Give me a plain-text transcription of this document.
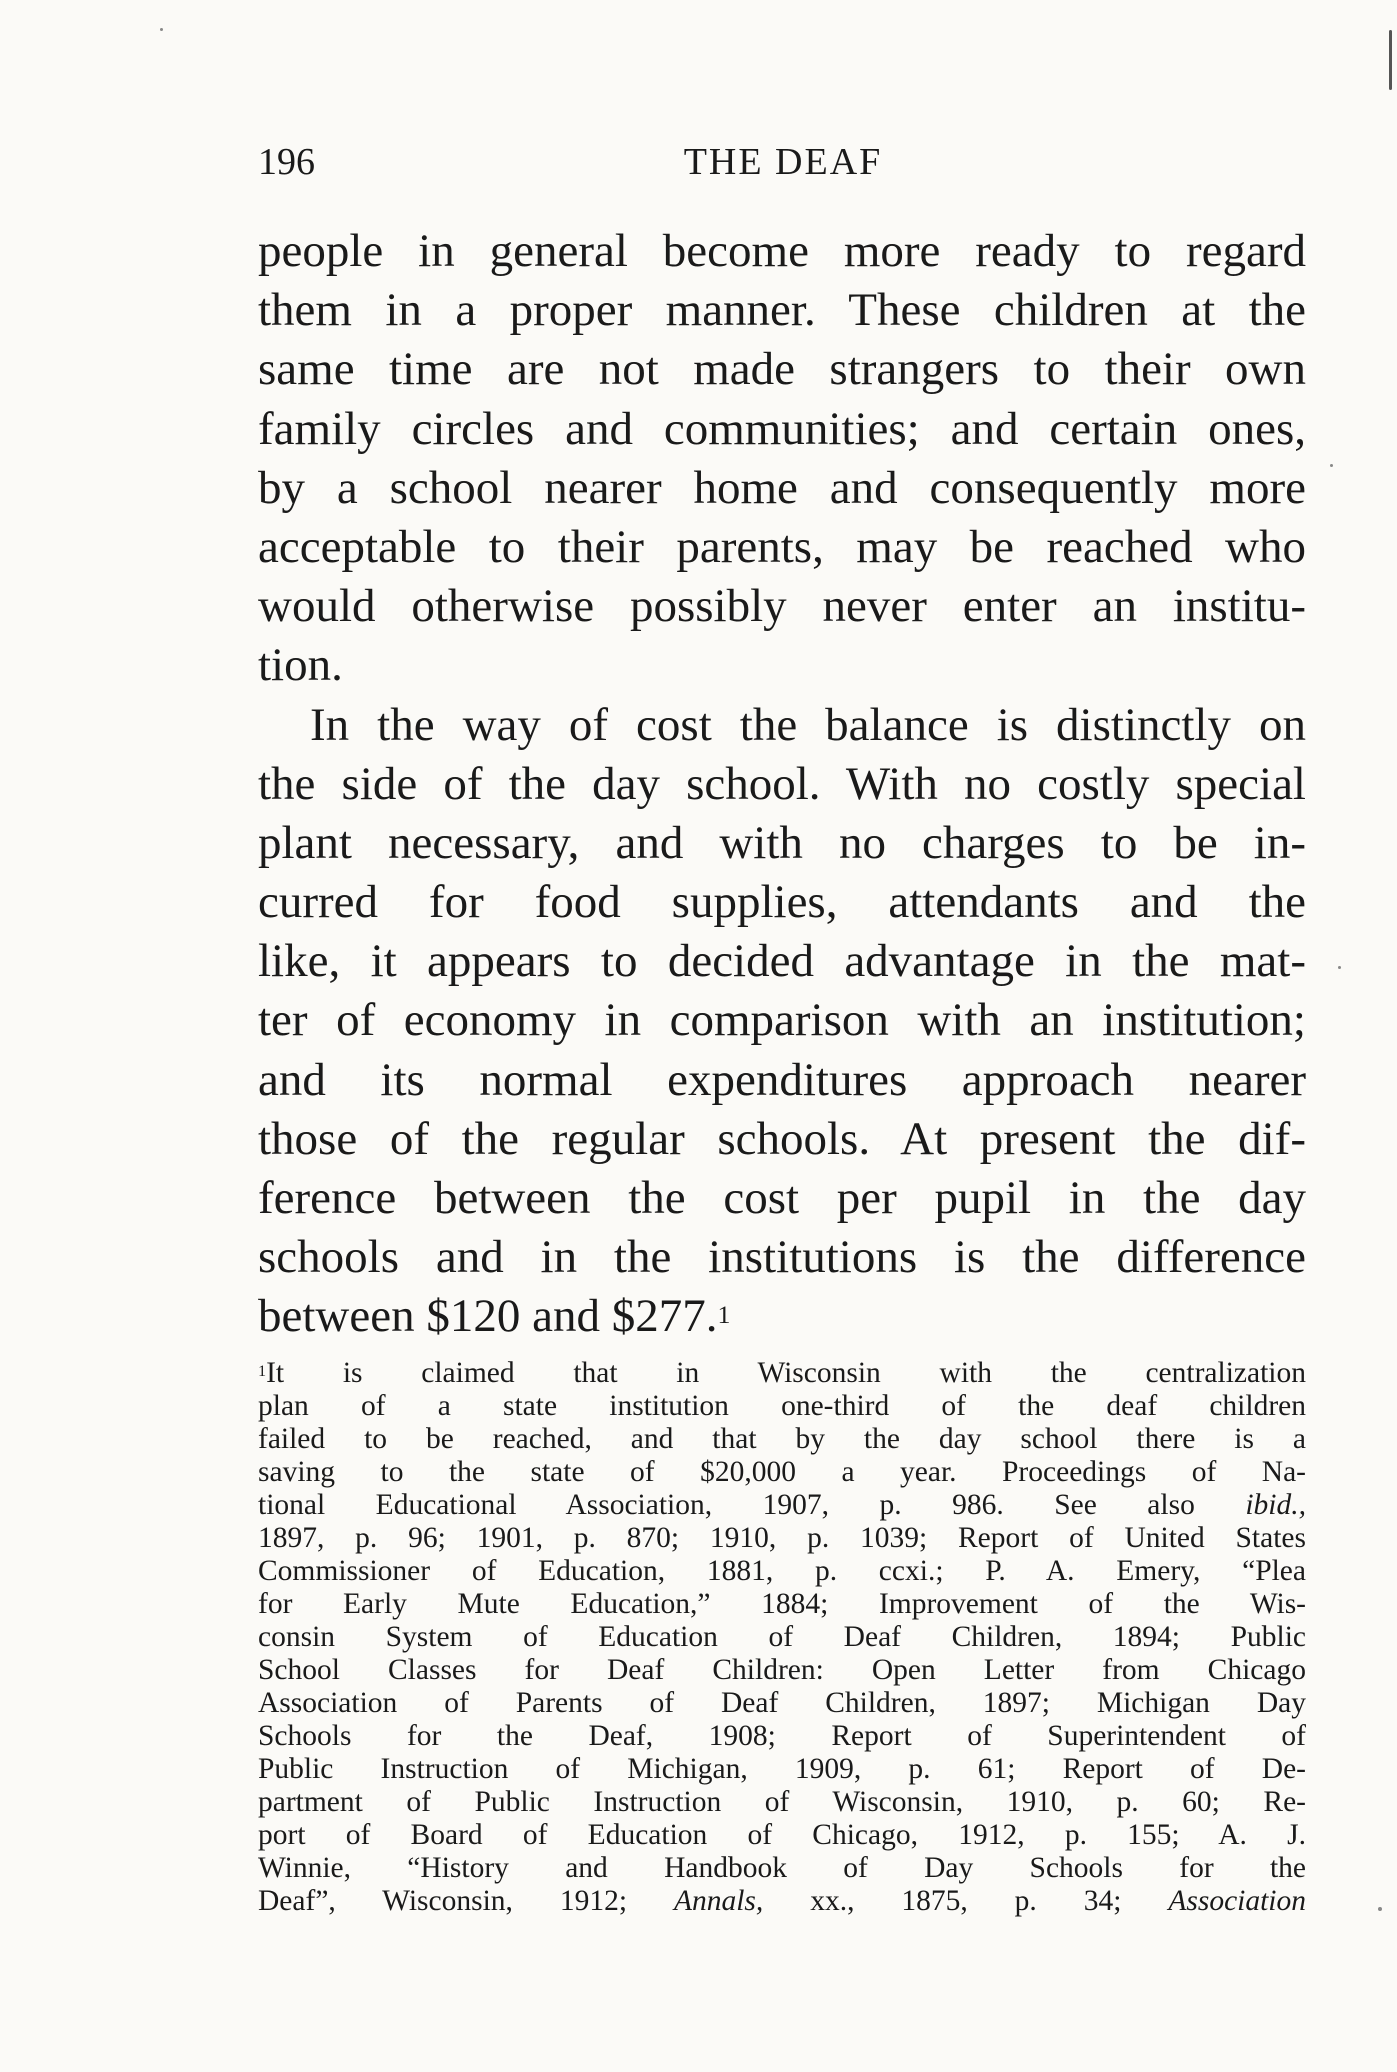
196	THE DEAF
people in general become more ready to regard
them in a proper manner. These children at the
same time are not made strangers to their own
family circles and communities; and certain ones,
by a school nearer home and consequently more
acceptable to their parents, may be reached who
would otherwise possibly never enter an institu-
tion.
In the way of cost the balance is distinctly on
the side of the day school. With no costly special
plant necessary, and with no charges to be in-
curred for food supplies, attendants and the
like, it appears to decided advantage in the mat-
ter of economy in comparison with an institution;
and its normal expenditures approach nearer
those of the regular schools. At present the dif-
ference between the cost per pupil in the day
schools and in the institutions is the difference
between $120 and $277.$^1$
$^1$It is claimed that in Wisconsin with the centralization
plan of a state institution one-third of the deaf children
failed to be reached, and that by the day school there is a
saving to the state of $20,000 a year. Proceedings of Na-
tional Educational Association, 1907, p. 986. See also ibid.,
1897, p. 96; 1901, p. 870; 1910, p. 1039; Report of United States
Commissioner of Education, 1881, p. ccxi.; P. A. Emery, “Plea
for Early Mute Education,” 1884; Improvement of the Wis-
consin System of Education of Deaf Children, 1894; Public
School Classes for Deaf Children: Open Letter from Chicago
Association of Parents of Deaf Children, 1897; Michigan Day
Schools for the Deaf, 1908; Report of Superintendent of
Public Instruction of Michigan, 1909, p. 61; Report of De-
partment of Public Instruction of Wisconsin, 1910, p. 60; Re-
port of Board of Education of Chicago, 1912, p. 155; A. J.
Winnie, “History and Handbook of Day Schools for the
Deaf”, Wisconsin, 1912; Annals, xx., 1875, p. 34; Association
